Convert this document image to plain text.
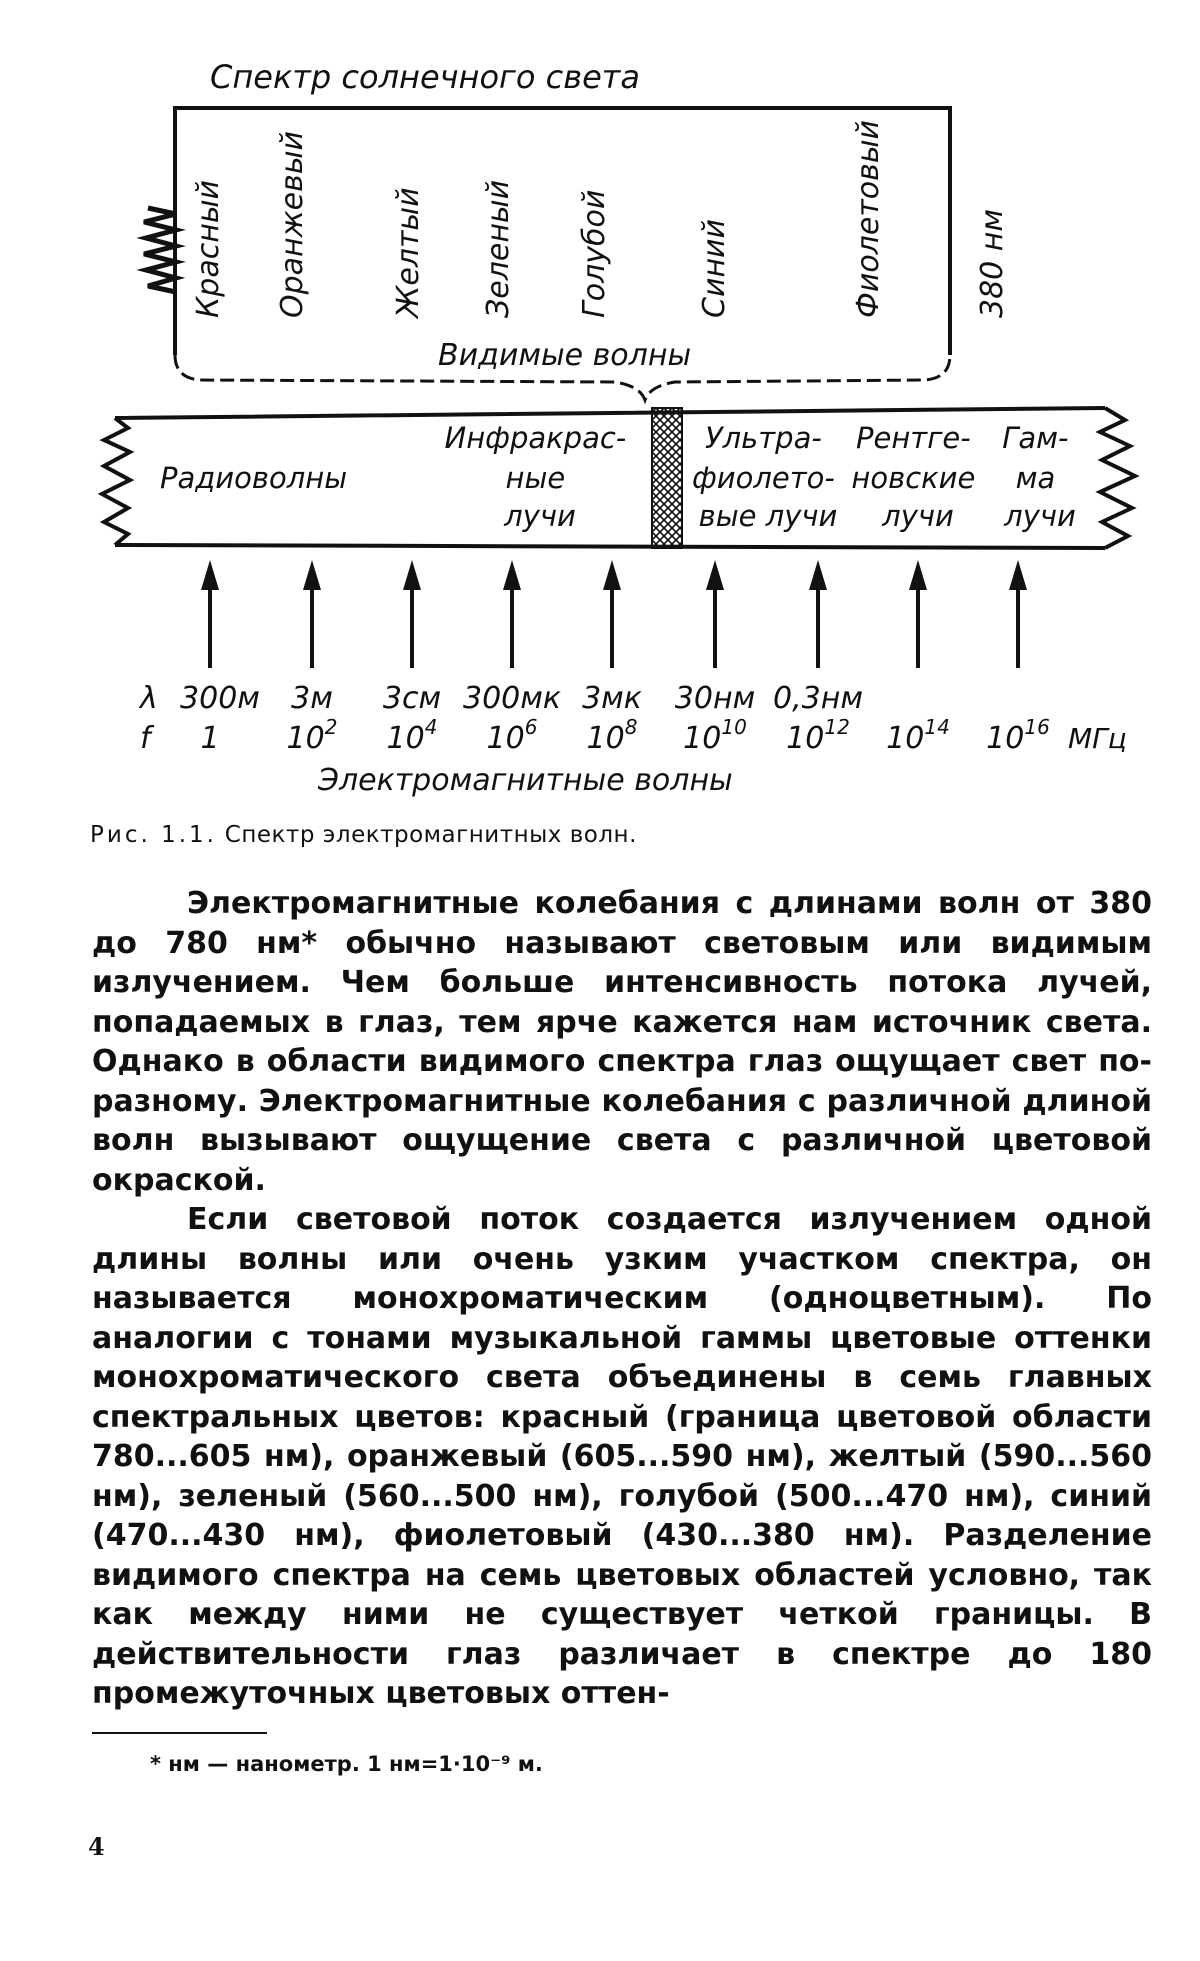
Спектр солнечного света
Красный Оранжевый	Желтый Зеленый Голубой	Синий	Фиолетовый	380 нм
Видимые волны
Радиоволны
Инфракрас- ные лучи
Ультра- фиолето- вые лучи
Рентге- новские лучи
Гам- ма лучи
λ
f
300м 3м 3см 300мк 3мк 30нм 0,3нм
1 $10^2$ $10^4$ $10^6$ $10^8$ $10^{10}$ $10^{12}$ $10^{14}$ $10^{16}$ МГц
Электромагнитные волны

Рис. 1.1. Спектр электромагнитных волн.

Электромагнитные колебания с длинами волн от 380 до 780 нм* обычно называют световым или видимым излучением. Чем больше интенсивность потока лучей, попадаемых в глаз, тем ярче кажется нам источник света. Однако в области видимого спектра глаз ощущает свет по-разному. Электромагнитные колебания с различной длиной волн вызывают ощущение света с различной цветовой окраской.

Если световой поток создается излучением одной длины волны или очень узким участком спектра, он называется монохроматическим (одноцветным). По аналогии с тонами музыкальной гаммы цветовые оттенки монохроматического света объединены в семь главных спектральных цветов: красный (граница цветовой области 780...605 нм), оранжевый (605...590 нм), желтый (590...560 нм), зеленый (560...500 нм), голубой (500...470 нм), синий (470...430 нм), фиолетовый (430...380 нм). Разделение видимого спектра на семь цветовых областей условно, так как между ними не существует четкой границы. В действительности глаз различает в спектре до 180 промежуточных цветовых оттен-

* нм — нанометр. 1 нм=1·10⁻⁹ м.

4
